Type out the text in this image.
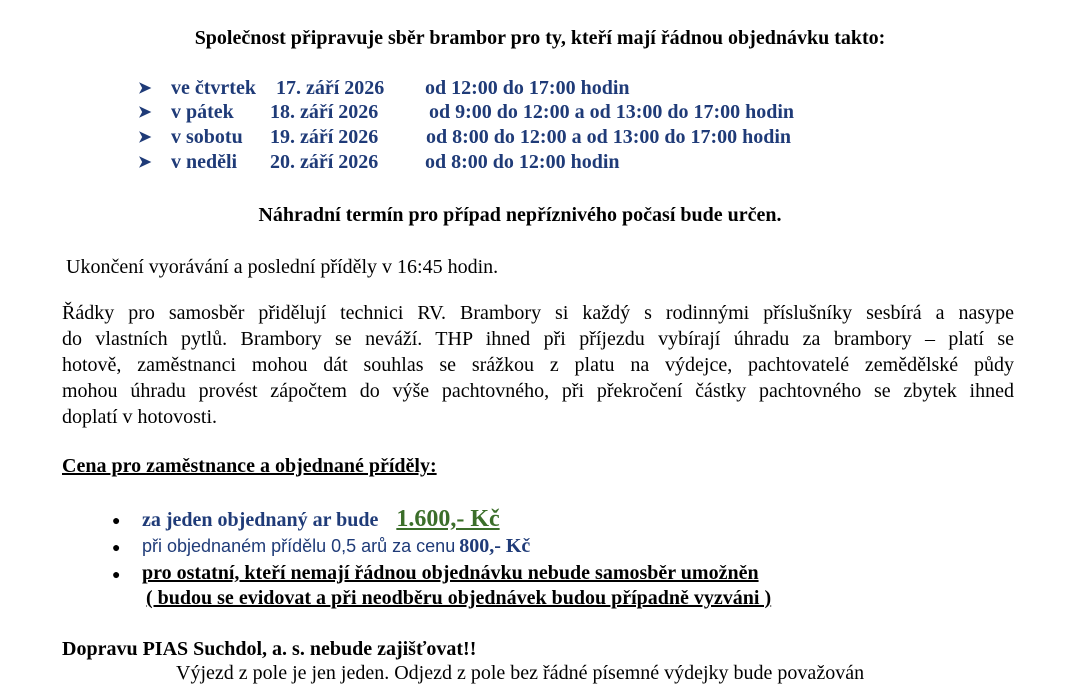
Společnost připravuje sběr brambor pro ty, kteří mají řádnou objednávku takto:
➤ ve čtvrtek 17. září 2026 od 12:00 do 17:00 hodin
➤ v pátek 18. září 2026	od 9:00 do 12:00 a od 13:00 do 17:00 hodin
➤ v sobotu 19. září 2026 od 8:00 do 12:00 a od 13:00 do 17:00 hodin
➤ v neděli 20. září 2026 od 8:00 do 12:00 hodin
Náhradní termín pro případ nepříznivého počasí bude určen.
Ukončení vyorávání a poslední příděly v 16:45 hodin.
Řádky pro samosběr přidělují technici RV. Brambory si každý s rodinnými příslušníky sesbírá a nasype
do vlastních pytlů. Brambory se neváží. THP ihned při příjezdu vybírají úhradu za brambory – platí se
hotově, zaměstnanci mohou dát souhlas se srážkou z platu na výdejce, pachtovatelé zemědělské půdy
mohou úhradu provést zápočtem do výše pachtovného, při překročení částky pachtovného se zbytek ihned
doplatí v hotovosti.
Cena pro zaměstnance a objednané příděly:
● za jeden objednaný ar bude 1.600,- Kč
● při objednaném přídělu 0,5 arů za cenu 800,- Kč
● pro ostatní, kteří nemají řádnou objednávku nebude samosběr umožněn
( budou se evidovat a při neodběru objednávek budou případně vyzváni )
Dopravu PIAS Suchdol, a. s. nebude zajišťovat!!
Výjezd z pole je jen jeden. Odjezd z pole bez řádné písemné výdejky bude považován
